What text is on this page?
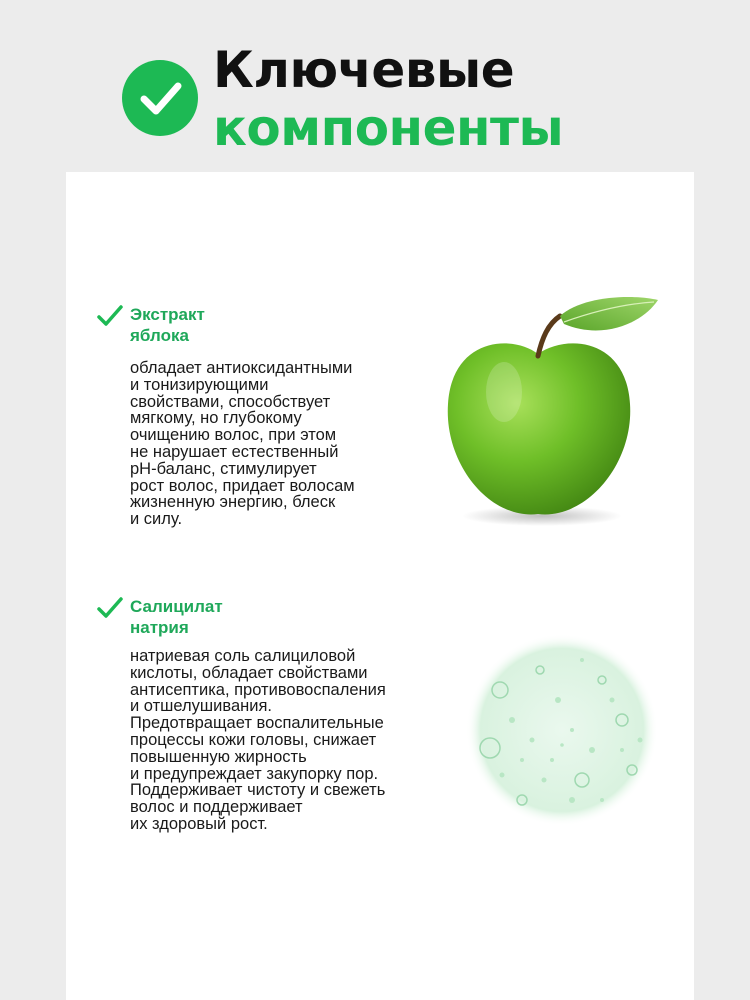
Ключевые
компоненты
Экстракт
яблока
обладает антиоксидантными
и тонизирующими
свойствами, способствует
мягкому, но глубокому
очищению волос, при этом
не нарушает естественный
pH-баланс, стимулирует
рост волос, придает волосам
жизненную энергию, блеск
и силу.
Салицилат
натрия
натриевая соль салициловой
кислоты, обладает свойствами
антисептика, противовоспаления
и отшелушивания.
Предотвращает воспалительные
процессы кожи головы, снижает
повышенную жирность
и предупреждает закупорку пор.
Поддерживает чистоту и свежеть
волос и поддерживает
их здоровый рост.
